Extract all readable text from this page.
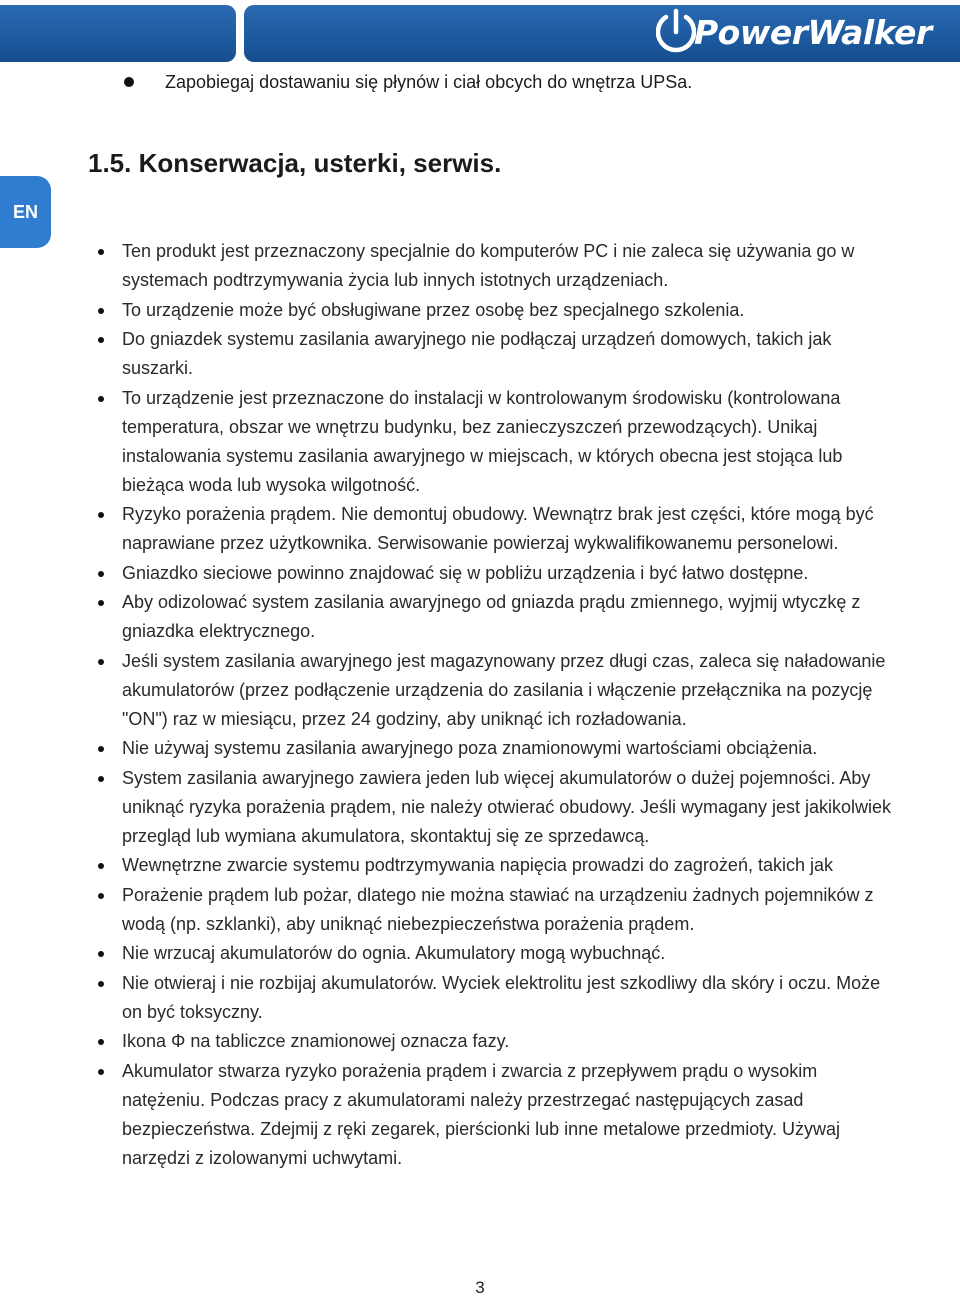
PowerWalker
EN
Zapobiegaj dostawaniu się płynów i ciał obcych do wnętrza UPSa.
1.5. Konserwacja, usterki, serwis.
Ten produkt jest przeznaczony specjalnie do komputerów PC i nie zaleca się używania go w systemach podtrzymywania życia lub innych istotnych urządzeniach.
To urządzenie może być obsługiwane przez osobę bez specjalnego szkolenia.
Do gniazdek systemu zasilania awaryjnego nie podłączaj urządzeń domowych, takich jak suszarki.
To urządzenie jest przeznaczone do instalacji w kontrolowanym środowisku (kontrolowana temperatura, obszar we wnętrzu budynku, bez zanieczyszczeń przewodzących). Unikaj instalowania systemu zasilania awaryjnego w miejscach, w których obecna jest stojąca lub bieżąca woda lub wysoka wilgotność.
Ryzyko porażenia prądem. Nie demontuj obudowy. Wewnątrz brak jest części, które mogą być naprawiane przez użytkownika. Serwisowanie powierzaj wykwalifikowanemu personelowi.
Gniazdko sieciowe powinno znajdować się w pobliżu urządzenia i być łatwo dostępne.
Aby odizolować system zasilania awaryjnego od gniazda prądu zmiennego, wyjmij wtyczkę z gniazdka elektrycznego.
Jeśli system zasilania awaryjnego jest magazynowany przez długi czas, zaleca się naładowanie akumulatorów (przez podłączenie urządzenia do zasilania i włączenie przełącznika na pozycję "ON") raz w miesiącu, przez 24 godziny, aby uniknąć ich rozładowania.
Nie używaj systemu zasilania awaryjnego poza znamionowymi wartościami obciążenia.
System zasilania awaryjnego zawiera jeden lub więcej akumulatorów o dużej pojemności. Aby uniknąć ryzyka porażenia prądem, nie należy otwierać obudowy. Jeśli wymagany jest jakikolwiek przegląd lub wymiana akumulatora, skontaktuj się ze sprzedawcą.
Wewnętrzne zwarcie systemu podtrzymywania napięcia prowadzi do zagrożeń, takich jak
Porażenie prądem lub pożar, dlatego nie można stawiać na urządzeniu żadnych pojemników z wodą (np. szklanki), aby uniknąć niebezpieczeństwa porażenia prądem.
Nie wrzucaj akumulatorów do ognia. Akumulatory mogą wybuchnąć.
Nie otwieraj i nie rozbijaj akumulatorów. Wyciek elektrolitu jest szkodliwy dla skóry i oczu. Może on być toksyczny.
Ikona Φ na tabliczce znamionowej oznacza fazy.
Akumulator stwarza ryzyko porażenia prądem i zwarcia z przepływem prądu o wysokim natężeniu. Podczas pracy z akumulatorami należy przestrzegać następujących zasad bezpieczeństwa. Zdejmij z ręki zegarek, pierścionki lub inne metalowe przedmioty. Używaj narzędzi z izolowanymi uchwytami.
3
